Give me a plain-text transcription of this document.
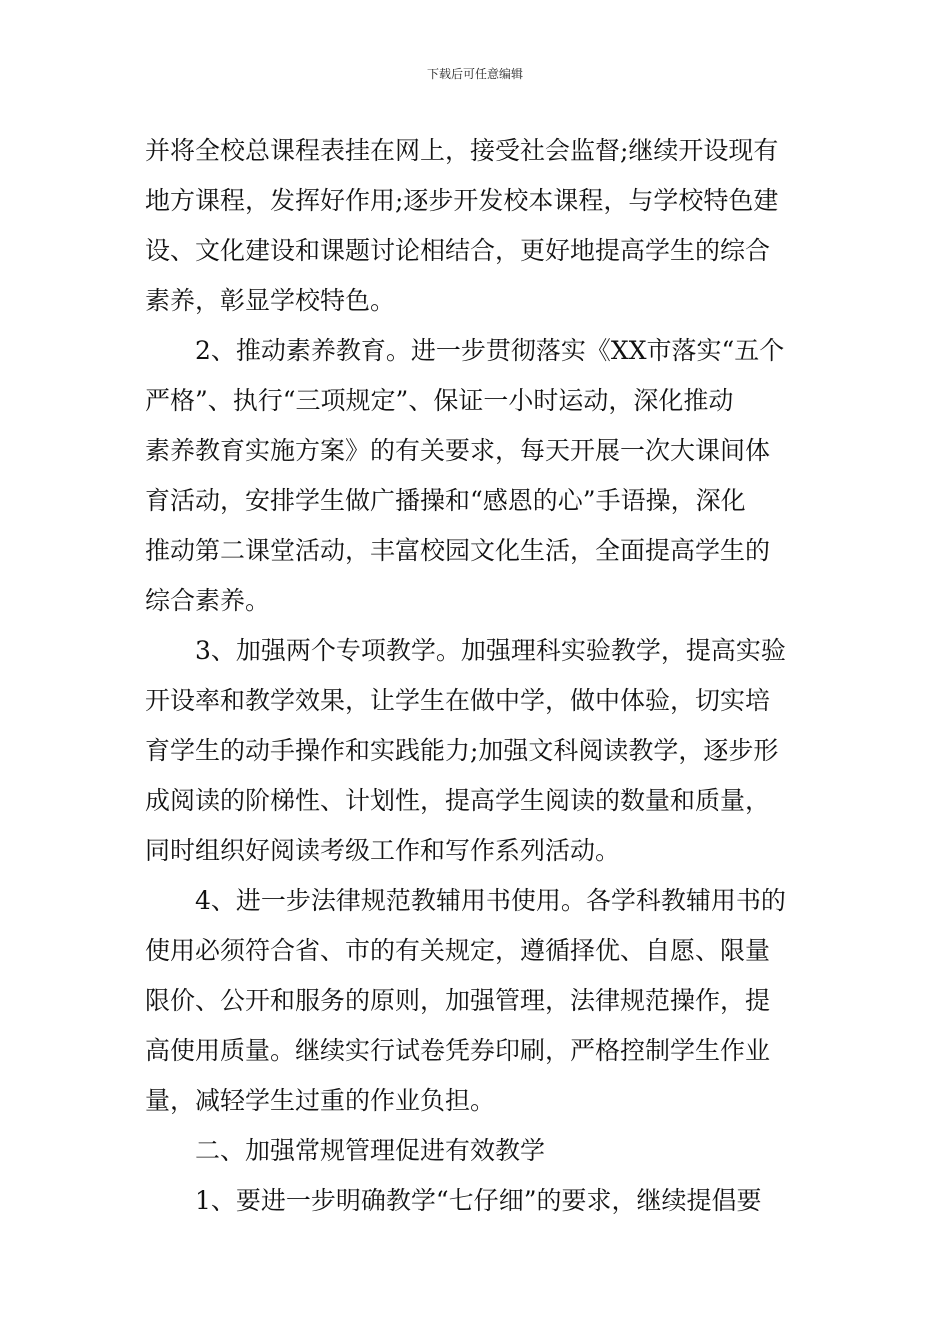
下载后可任意编辑

并将全校总课程表挂在网上，接受社会监督;继续开设现有
地方课程，发挥好作用;逐步开发校本课程，与学校特色建
设、文化建设和课题讨论相结合，更好地提高学生的综合
素养，彰显学校特色。

2、推动素养教育。进一步贯彻落实《XX市落实“五个
严格”、执行“三项规定”、保证一小时运动，深化推动
素养教育实施方案》的有关要求，每天开展一次大课间体
育活动，安排学生做广播操和“感恩的心”手语操，深化
推动第二课堂活动，丰富校园文化生活，全面提高学生的
综合素养。

3、加强两个专项教学。加强理科实验教学，提高实验
开设率和教学效果，让学生在做中学，做中体验，切实培
育学生的动手操作和实践能力;加强文科阅读教学，逐步形
成阅读的阶梯性、计划性，提高学生阅读的数量和质量，
同时组织好阅读考级工作和写作系列活动。

4、进一步法律规范教辅用书使用。各学科教辅用书的
使用必须符合省、市的有关规定，遵循择优、自愿、限量
限价、公开和服务的原则，加强管理，法律规范操作，提
高使用质量。继续实行试卷凭券印刷，严格控制学生作业
量，减轻学生过重的作业负担。

二、加强常规管理促进有效教学

1、要进一步明确教学“七仔细”的要求，继续提倡要
